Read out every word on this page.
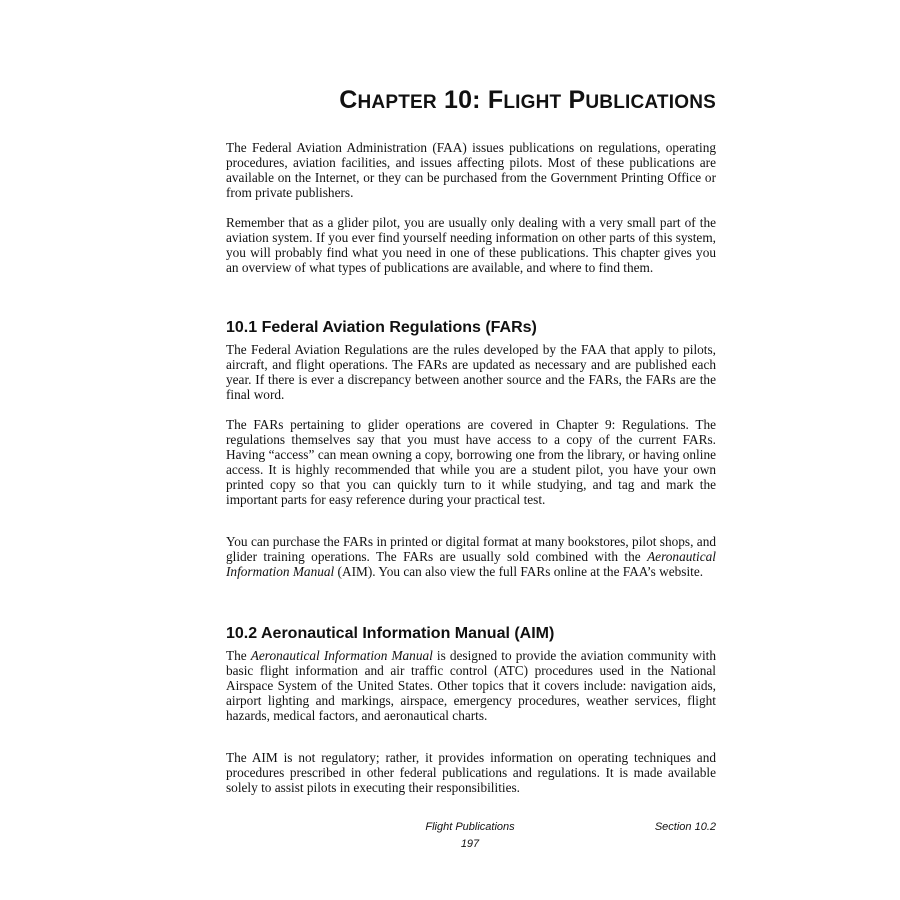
CHAPTER 10: FLIGHT PUBLICATIONS

The Federal Aviation Administration (FAA) issues publications on regulations, operating procedures, aviation facilities, and issues affecting pilots. Most of these publications are available on the Internet, or they can be purchased from the Government Printing Office or from private publishers.

Remember that as a glider pilot, you are usually only dealing with a very small part of the aviation system. If you ever find yourself needing information on other parts of this system, you will probably find what you need in one of these publications. This chapter gives you an overview of what types of publications are available, and where to find them.

10.1 Federal Aviation Regulations (FARs)

The Federal Aviation Regulations are the rules developed by the FAA that apply to pilots, aircraft, and flight operations. The FARs are updated as necessary and are published each year. If there is ever a discrepancy between another source and the FARs, the FARs are the final word.

The FARs pertaining to glider operations are covered in Chapter 9: Regulations. The regulations themselves say that you must have access to a copy of the current FARs. Having “access” can mean owning a copy, borrowing one from the library, or having online access. It is highly recommended that while you are a student pilot, you have your own printed copy so that you can quickly turn to it while studying, and tag and mark the important parts for easy reference during your practical test.

You can purchase the FARs in printed or digital format at many bookstores, pilot shops, and glider training operations. The FARs are usually sold combined with the Aeronautical Information Manual (AIM). You can also view the full FARs online at the FAA’s website.

10.2 Aeronautical Information Manual (AIM)

The Aeronautical Information Manual is designed to provide the aviation community with basic flight information and air traffic control (ATC) procedures used in the National Airspace System of the United States. Other topics that it covers include: navigation aids, airport lighting and markings, airspace, emergency procedures, weather services, flight hazards, medical factors, and aeronautical charts.

The AIM is not regulatory; rather, it provides information on operating techniques and procedures prescribed in other federal publications and regulations. It is made available solely to assist pilots in executing their responsibilities.

Flight Publications	Section 10.2
197
